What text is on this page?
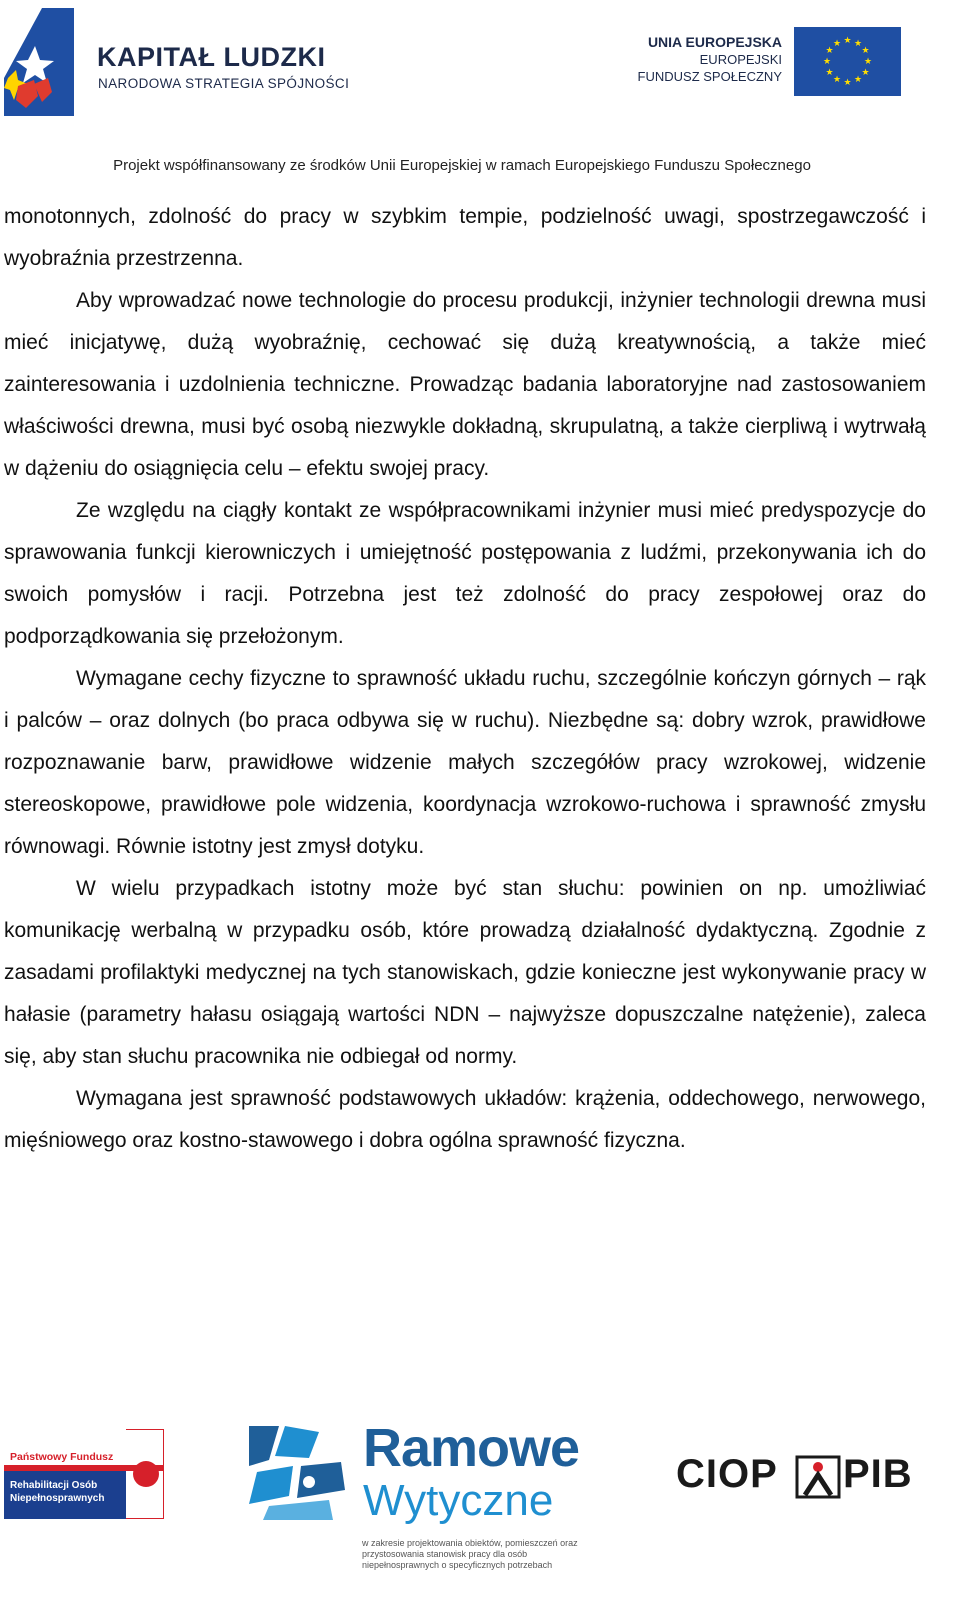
KAPITAŁ LUDZKI
NARODOWA STRATEGIA SPÓJNOŚCI
UNIA EUROPEJSKA
EUROPEJSKI
FUNDUSZ SPOŁECZNY
★ ★
★
★
★
★
★
★
★
★
★
★
Projekt współfinansowany ze środków Unii Europejskiej w ramach Europejskiego Funduszu Społecznego

monotonnych, zdolność do pracy w szybkim tempie, podzielność uwagi, spostrzegawczość i wyobraźnia przestrzenna.

Aby wprowadzać nowe technologie do procesu produkcji, inżynier technologii drewna musi mieć inicjatywę, dużą wyobraźnię, cechować się dużą kreatywnością, a także mieć zainteresowania i uzdolnienia techniczne. Prowadząc badania laboratoryjne nad zastosowaniem właściwości drewna, musi być osobą niezwykle dokładną, skrupulatną, a także cierpliwą i wytrwałą w dążeniu do osiągnięcia celu – efektu swojej pracy.

Ze względu na ciągły kontakt ze współpracownikami inżynier musi mieć predyspozycje do sprawowania funkcji kierowniczych i umiejętność postępowania z ludźmi, przekonywania ich do swoich pomysłów i racji. Potrzebna jest też zdolność do pracy zespołowej oraz do podporządkowania się przełożonym.

Wymagane cechy fizyczne to sprawność układu ruchu, szczególnie kończyn górnych – rąk i palców – oraz dolnych (bo praca odbywa się w ruchu). Niezbędne są: dobry wzrok, prawidłowe rozpoznawanie barw, prawidłowe widzenie małych szczegółów pracy wzrokowej, widzenie stereoskopowe, prawidłowe pole widzenia, koordynacja wzrokowo-ruchowa i sprawność zmysłu równowagi. Równie istotny jest zmysł dotyku.

W wielu przypadkach istotny może być stan słuchu: powinien on np. umożliwiać komunikację werbalną w przypadku osób, które prowadzą działalność dydaktyczną. Zgodnie z zasadami profilaktyki medycznej na tych stanowiskach, gdzie konieczne jest wykonywanie pracy w hałasie (parametry hałasu osiągają wartości NDN – najwyższe dopuszczalne natężenie), zaleca się, aby stan słuchu pracownika nie odbiegał od normy.

Wymagana jest sprawność podstawowych układów: krążenia, oddechowego, nerwowego, mięśniowego oraz kostno-stawowego i dobra ogólna sprawność fizyczna.

Państwowy Fundusz
Rehabilitacji Osób
Niepełnosprawnych
Ramowe
Wytyczne
w zakresie projektowania obiektów, pomieszczeń oraz przystosowania stanowisk pracy dla osób niepełnosprawnych o specyficznych potrzebach
CIOP PIB
